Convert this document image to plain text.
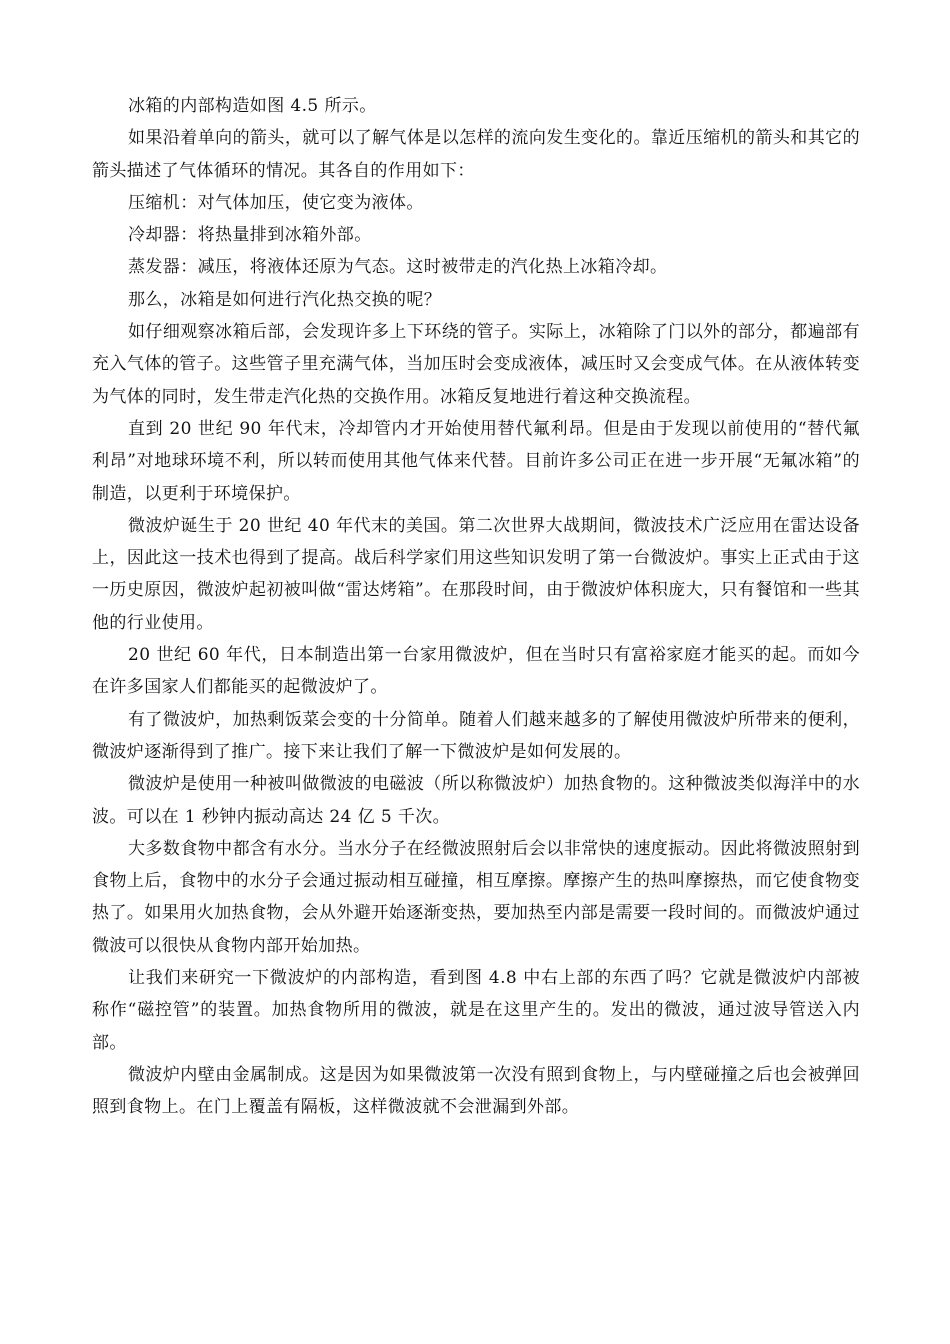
冰箱的内部构造如图 4.5 所示。

如果沿着单向的箭头，就可以了解气体是以怎样的流向发生变化的。靠近压缩机的箭头和其它的箭头描述了气体循环的情况。其各自的作用如下：

压缩机：对气体加压，使它变为液体。

冷却器：将热量排到冰箱外部。

蒸发器：减压，将液体还原为气态。这时被带走的汽化热上冰箱冷却。

那么，冰箱是如何进行汽化热交换的呢？

如仔细观察冰箱后部，会发现许多上下环绕的管子。实际上，冰箱除了门以外的部分，都遍部有充入气体的管子。这些管子里充满气体，当加压时会变成液体，减压时又会变成气体。在从液体转变为气体的同时，发生带走汽化热的交换作用。冰箱反复地进行着这种交换流程。

直到 20 世纪 90 年代末，冷却管内才开始使用替代氟利昂。但是由于发现以前使用的“替代氟利昂”对地球环境不利，所以转而使用其他气体来代替。目前许多公司正在进一步开展“无氟冰箱”的制造，以更利于环境保护。

微波炉诞生于 20 世纪 40 年代末的美国。第二次世界大战期间，微波技术广泛应用在雷达设备上，因此这一技术也得到了提高。战后科学家们用这些知识发明了第一台微波炉。事实上正式由于这一历史原因，微波炉起初被叫做“雷达烤箱”。在那段时间，由于微波炉体积庞大，只有餐馆和一些其他的行业使用。

20 世纪 60 年代，日本制造出第一台家用微波炉，但在当时只有富裕家庭才能买的起。而如今在许多国家人们都能买的起微波炉了。

有了微波炉，加热剩饭菜会变的十分简单。随着人们越来越多的了解使用微波炉所带来的便利，微波炉逐渐得到了推广。接下来让我们了解一下微波炉是如何发展的。

微波炉是使用一种被叫做微波的电磁波（所以称微波炉）加热食物的。这种微波类似海洋中的水波。可以在 1 秒钟内振动高达 24 亿 5 千次。

大多数食物中都含有水分。当水分子在经微波照射后会以非常快的速度振动。因此将微波照射到食物上后，食物中的水分子会通过振动相互碰撞，相互摩擦。摩擦产生的热叫摩擦热，而它使食物变热了。如果用火加热食物，会从外避开始逐渐变热，要加热至内部是需要一段时间的。而微波炉通过微波可以很快从食物内部开始加热。

让我们来研究一下微波炉的内部构造，看到图 4.8 中右上部的东西了吗？它就是微波炉内部被称作“磁控管”的装置。加热食物所用的微波，就是在这里产生的。发出的微波，通过波导管送入内部。

微波炉内壁由金属制成。这是因为如果微波第一次没有照到食物上，与内壁碰撞之后也会被弹回照到食物上。在门上覆盖有隔板，这样微波就不会泄漏到外部。
